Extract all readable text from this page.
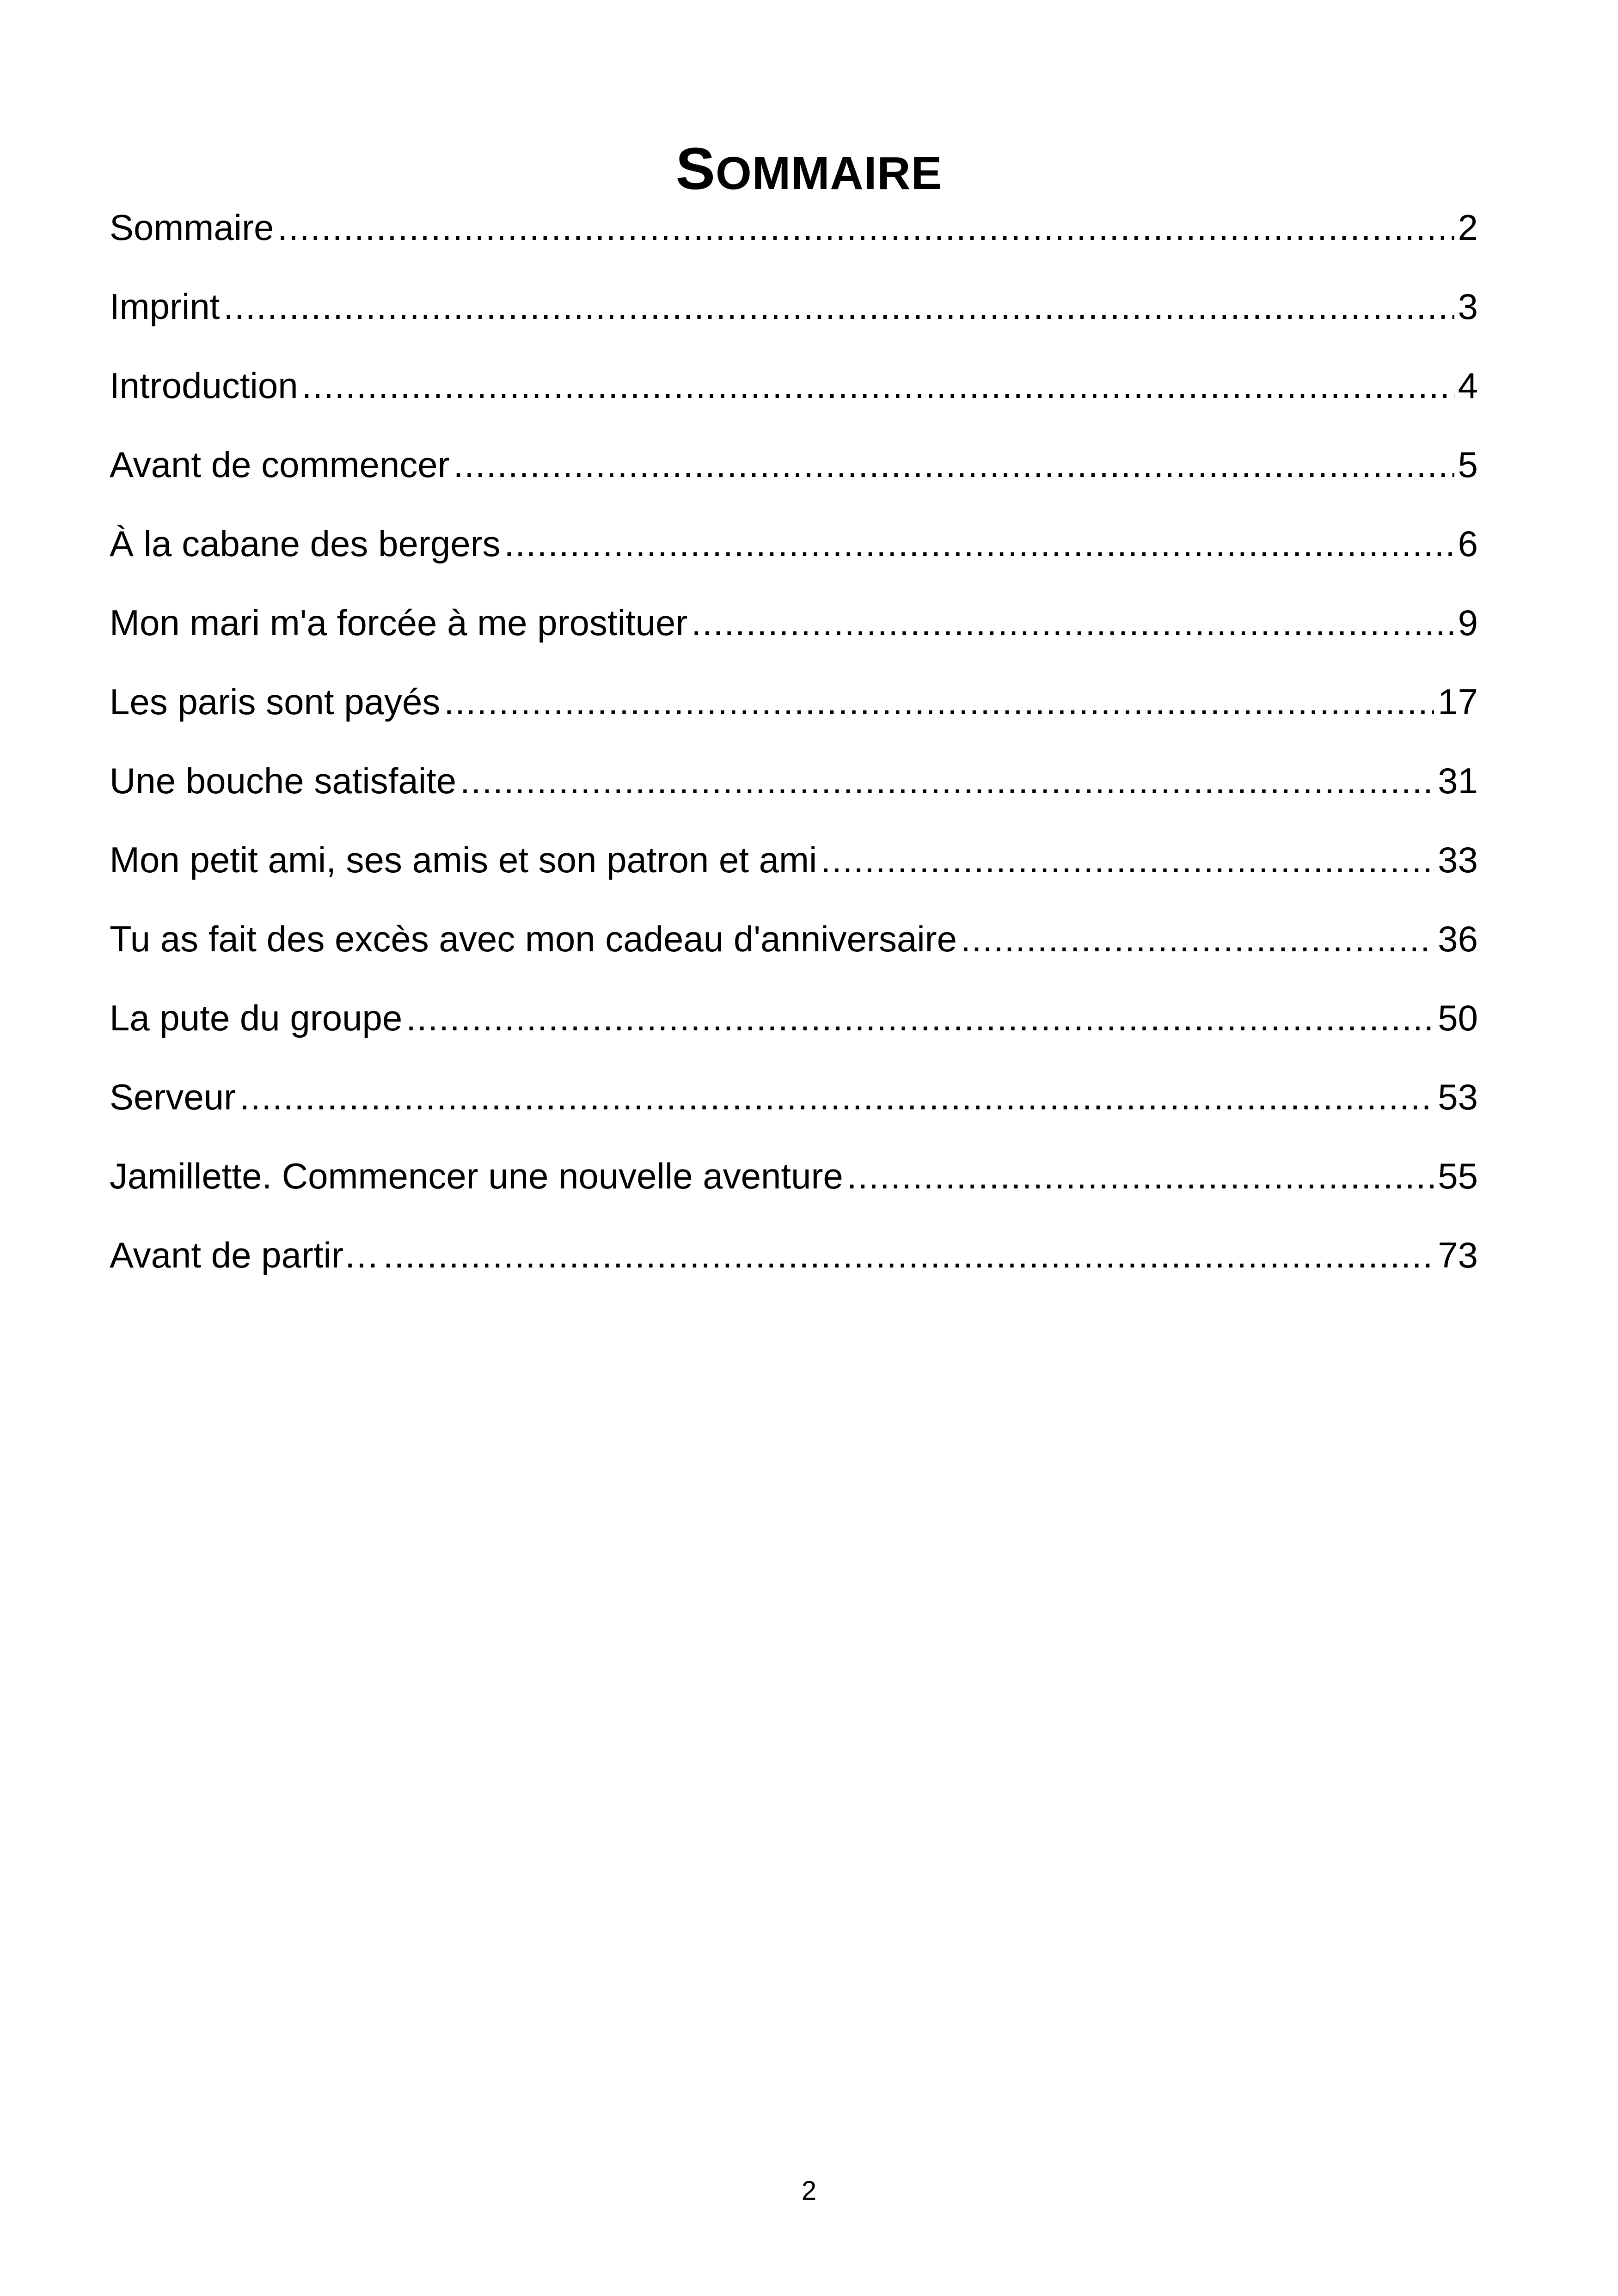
SOMMAIRE
Sommaire .....	2
Imprint .....	3
Introduction .....	4
Avant de commencer .....	5
À la cabane des bergers .....	6
Mon mari m'a forcée à me prostituer .....	9
Les paris sont payés .....	17
Une bouche satisfaite .....	31
Mon petit ami, ses amis et son patron et ami .....	33
Tu as fait des excès avec mon cadeau d'anniversaire .....	36
La pute du groupe .....	50
Serveur .....	53
Jamillette. Commencer une nouvelle aventure .....	55
Avant de partir… .....	73
2
